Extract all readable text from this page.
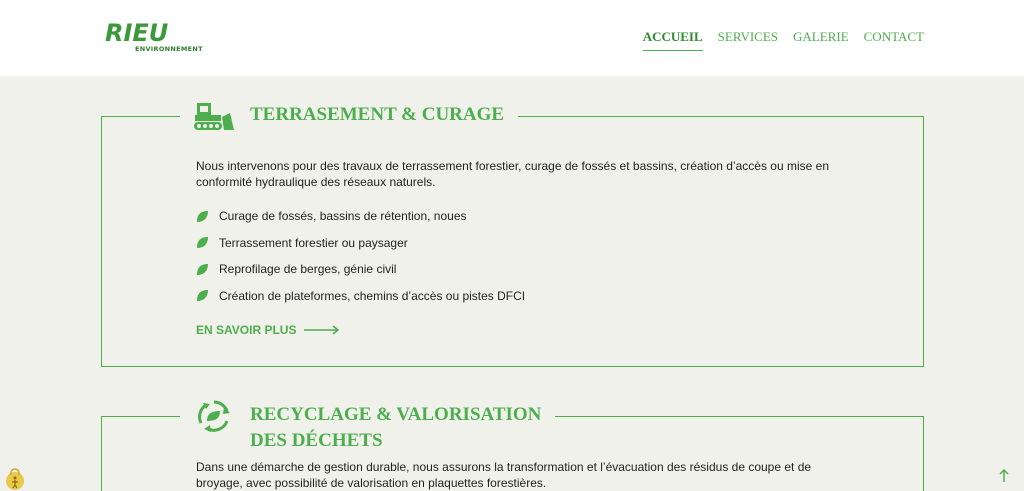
RIEU
ENVIRONNEMENT
ACCUEIL SERVICES GALERIE CONTACT
TERRASEMENT & CURAGE

Nous intervenons pour des travaux de terrassement forestier, curage de fossés et bassins, création d’accès ou mise en conformité hydraulique des réseaux naturels.

Curage de fossés, bassins de rétention, noues
Terrassement forestier ou paysager
Reprofilage de berges, génie civil
Création de plateformes, chemins d’accès ou pistes DFCI
EN SAVOIR PLUS
RECYCLAGE & VALORISATION
DES DÉCHETS

Dans une démarche de gestion durable, nous assurons la transformation et l’évacuation des résidus de coupe et de broyage, avec possibilité de valorisation en plaquettes forestières.
